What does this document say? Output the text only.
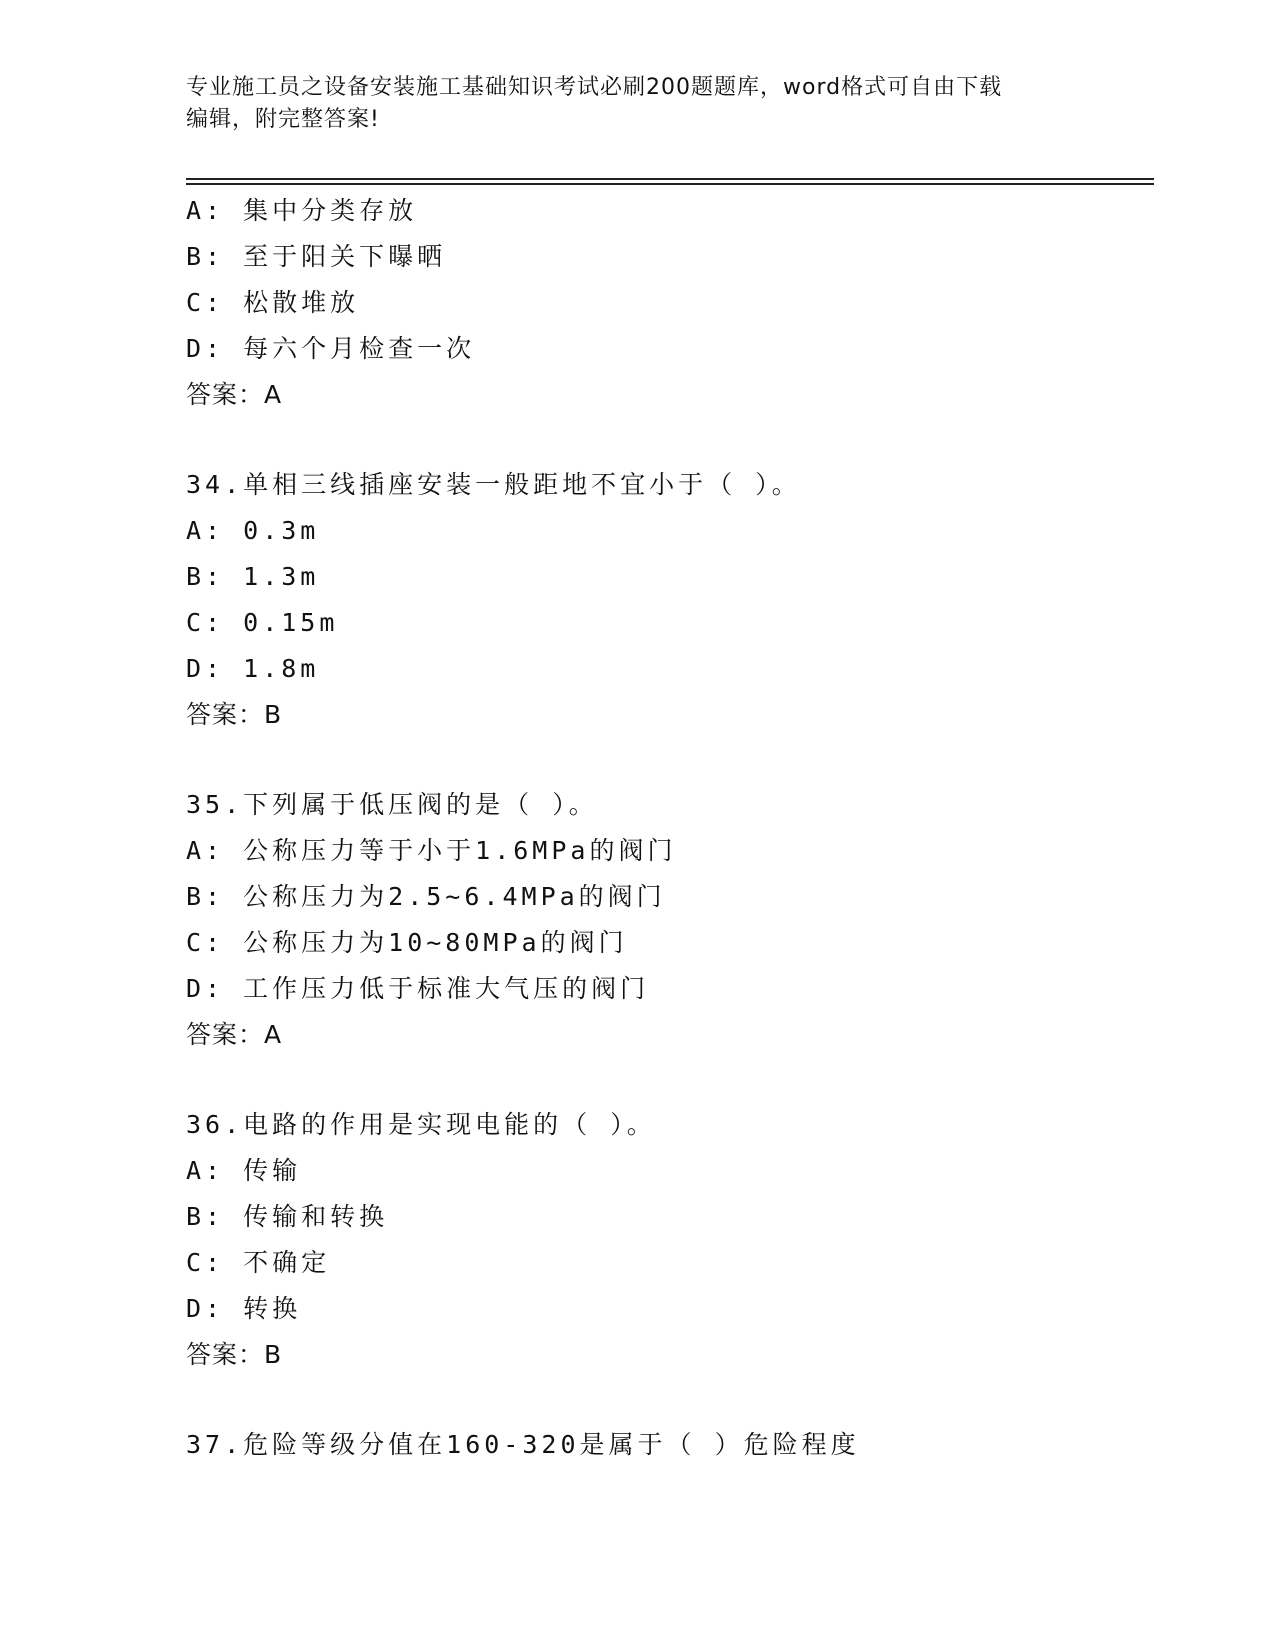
专业施工员之设备安装施工基础知识考试必刷200题题库，word格式可自由下载
编辑，附完整答案!
A: 集中分类存放
B: 至于阳关下曝晒
C: 松散堆放
D: 每六个月检查一次
答案：A
34.单相三线插座安装一般距地不宜小于（ ）。
A: 0.3m
B: 1.3m
C: 0.15m
D: 1.8m
答案：B
35.下列属于低压阀的是（ ）。
A: 公称压力等于小于1.6MPa的阀门
B: 公称压力为2.5~6.4MPa的阀门
C: 公称压力为10~80MPa的阀门
D: 工作压力低于标准大气压的阀门
答案：A
36.电路的作用是实现电能的（ ）。
A: 传输
B: 传输和转换
C: 不确定
D: 转换
答案：B
37.危险等级分值在160-320是属于（ ）危险程度
